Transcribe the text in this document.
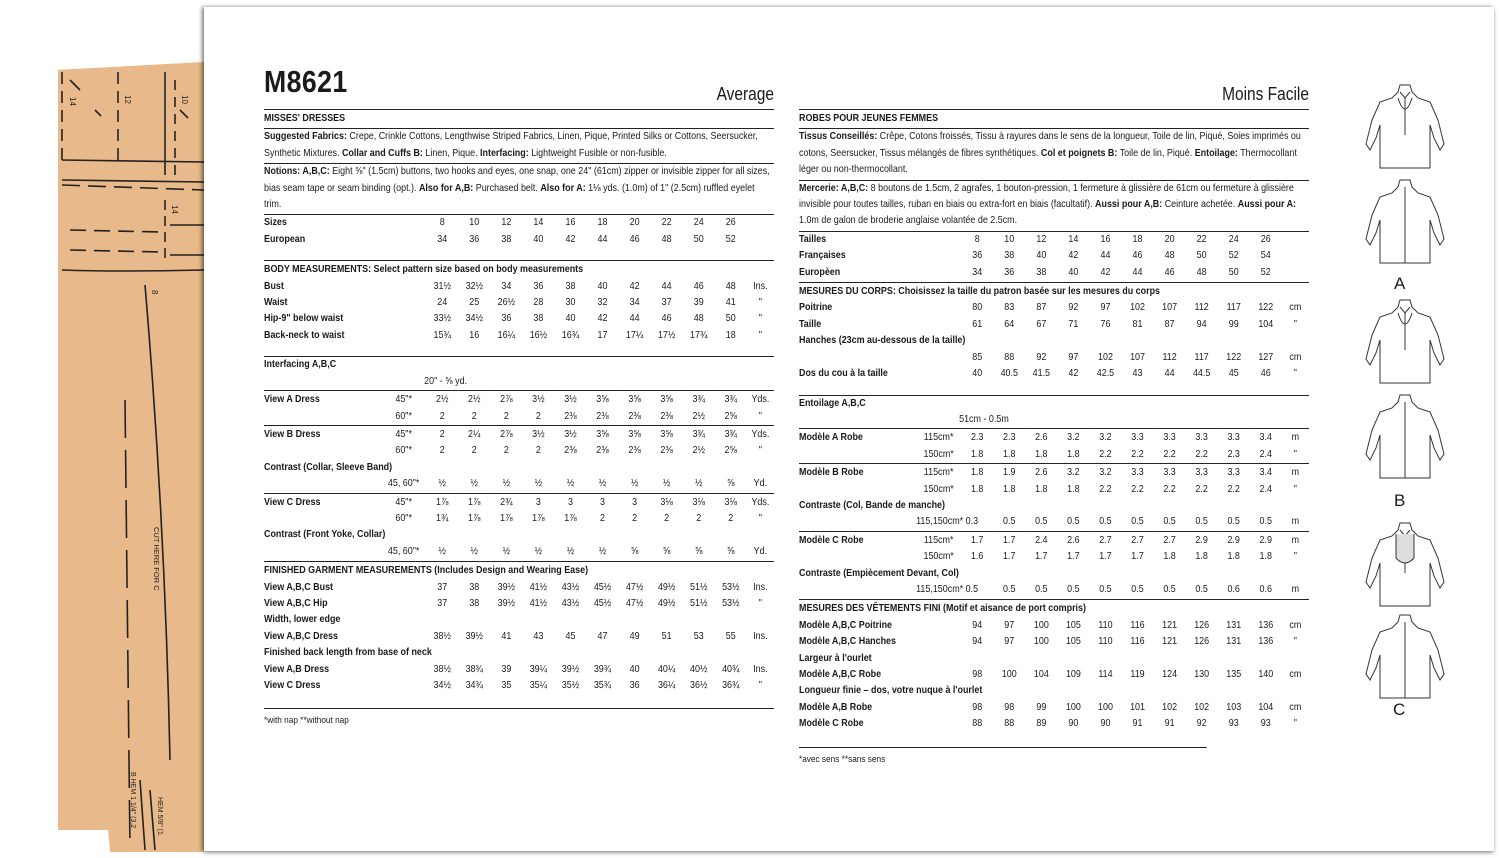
14	12	10
14
8
CUT HERE FOR C
B HEM 1 1/4" (3.2	HEM 5/8" (1.
M8621	Average
MISSES' DRESSES
Suggested Fabrics: Crepe, Crinkle Cottons, Lengthwise Striped Fabrics, Linen, Pique, Printed Silks or Cottons, Seersucker, Synthetic Mixtures. Collar and Cuffs B: Linen, Pique. Interfacing: Lightweight Fusible or non-fusible.
Notions: A,B,C: Eight ⅝" (1.5cm) buttons, two hooks and eyes, one snap, one 24" (61cm) zipper or invisible zipper for all sizes, bias seam tape or seam binding (opt.). Also for A,B: Purchased belt. Also for A: 1⅛ yds. (1.0m) of 1" (2.5cm) ruffled eyelet trim.
Sizes		8	10	12	14	16	18	20	22	24	26	
European		34	36	38	40	42	44	46	48	50	52	
BODY MEASUREMENTS: Select pattern size based on body measurements
Bust		31½	32½	34	36	38	40	42	44	46	48	Ins.
Waist		24	25	26½	28	30	32	34	37	39	41	"
Hip-9" below waist		33½	34½	36	38	40	42	44	46	48	50	"
Back-neck to waist		15¾	16	16¼	16½	16¾	17	17¼	17½	17¾	18	"
Interfacing A,B,C												
	20" - ⅝ yd.											

View A Dress	45"*	2½	2½	2⅞	3½	3½	3⅝	3⅝	3⅝	3¾	3¾	Yds.
	60"*	2	2	2	2	2⅜	2⅜	2⅜	2⅜	2½	2⅝	"

View B Dress	45"*	2	2¼	2⅞	3½	3½	3⅝	3⅝	3⅝	3¾	3¾	Yds.
	60"*	2	2	2	2	2⅜	2⅜	2⅜	2⅜	2½	2⅝	"
Contrast (Collar, Sleeve Band)												
	45, 60"*	½	½	½	½	½	½	½	½	½	⅝	Yd.

View C Dress	45"*	1⅞	1⅞	2¾	3	3	3	3	3⅛	3⅛	3⅛	Yds.
	60"*	1¾	1⅞	1⅞	1⅞	1⅞	2	2	2	2	2	"
Contrast (Front Yoke, Collar)												
	45, 60"*	½	½	½	½	½	½	⅝	⅝	⅝	⅝	Yd.
FINISHED GARMENT MEASUREMENTS (Includes Design and Wearing Ease)
View A,B,C Bust		37	38	39½	41½	43½	45½	47½	49½	51½	53½	Ins.
View A,B,C Hip		37	38	39½	41½	43½	45½	47½	49½	51½	53½	"
Width, lower edge												
View A,B,C Dress		38½	39½	41	43	45	47	49	51	53	55	Ins.
Finished back length from base of neck												
View A,B Dress		38½	38¾	39	39¼	39½	39¾	40	40¼	40½	40¾	Ins.
View C Dress		34½	34¾	35	35¼	35½	35¾	36	36¼	36½	36¾	"
*with nap **without nap
Moins Facile
ROBES POUR JEUNES FEMMES
Tissus Conseillés: Crêpe, Cotons froissés, Tissu à rayures dans le sens de la longueur, Toile de lin, Piqué, Soies imprimés ou cotons, Seersucker, Tissus mélangés de fibres synthétiques. Col et poignets B: Toile de lin, Piqué. Entoilage: Thermocollant léger ou non-thermocollant.
Mercerie: A,B,C: 8 boutons de 1.5cm, 2 agrafes, 1 bouton-pression, 1 fermeture à glissière de 61cm ou fermeture à glissière invisible pour toutes tailles, ruban en biais ou extra-fort en biais (facultatif). Aussi pour A,B: Ceinture achetée. Aussi pour A: 1.0m de galon de broderie anglaise volantée de 2.5cm.
Tailles		8	10	12	14	16	18	20	22	24	26	
Françaises		36	38	40	42	44	46	48	50	52	54	
Europèen		34	36	38	40	42	44	46	48	50	52	
MESURES DU CORPS: Choisissez la taille du patron basée sur les mesures du corps
Poitrine		80	83	87	92	97	102	107	112	117	122	cm
Taille		61	64	67	71	76	81	87	94	99	104	"
Hanches (23cm au-dessous de la taille)												
		85	88	92	97	102	107	112	117	122	127	cm
Dos du cou à la taille		40	40.5	41.5	42	42.5	43	44	44.5	45	46	"
Entoilage A,B,C												
	51cm - 0.5m											

Modèle A Robe	115cm*	2.3	2.3	2.6	3.2	3.2	3.3	3.3	3.3	3.3	3.4	m
	150cm*	1.8	1.8	1.8	1.8	2.2	2.2	2.2	2.2	2.3	2.4	"

Modèle B Robe	115cm*	1.8	1.9	2.6	3.2	3.2	3.3	3.3	3.3	3.3	3.4	m
	150cm*	1.8	1.8	1.8	1.8	2.2	2.2	2.2	2.2	2.2	2.4	"
Contraste (Col, Bande de manche)												
	115,150cm* 0.3		0.5	0.5	0.5	0.5	0.5	0.5	0.5	0.5	0.5	m

Modèle C Robe	115cm*	1.7	1.7	2.4	2.6	2.7	2.7	2.7	2.9	2.9	2.9	m
	150cm*	1.6	1.7	1.7	1.7	1.7	1.7	1.8	1.8	1.8	1.8	"
Contraste (Empiècement Devant, Col)												
	115,150cm* 0.5		0.5	0.5	0.5	0.5	0.5	0.5	0.5	0.6	0.6	m
MESURES DES VÊTEMENTS FINI (Motif et aisance de port compris)
Modèle A,B,C Poitrine		94	97	100	105	110	116	121	126	131	136	cm
Modèle A,B,C Hanches		94	97	100	105	110	116	121	126	131	136	"
Largeur à l'ourlet												
Modèle A,B,C Robe		98	100	104	109	114	119	124	130	135	140	cm
Longueur finie – dos, votre nuque à l'ourlet												
Modèle A,B Robe		98	98	99	100	100	101	102	102	103	104	cm
Modèle C Robe		88	88	89	90	90	91	91	92	93	93	"
*avec sens **sans sens
A
B
C
